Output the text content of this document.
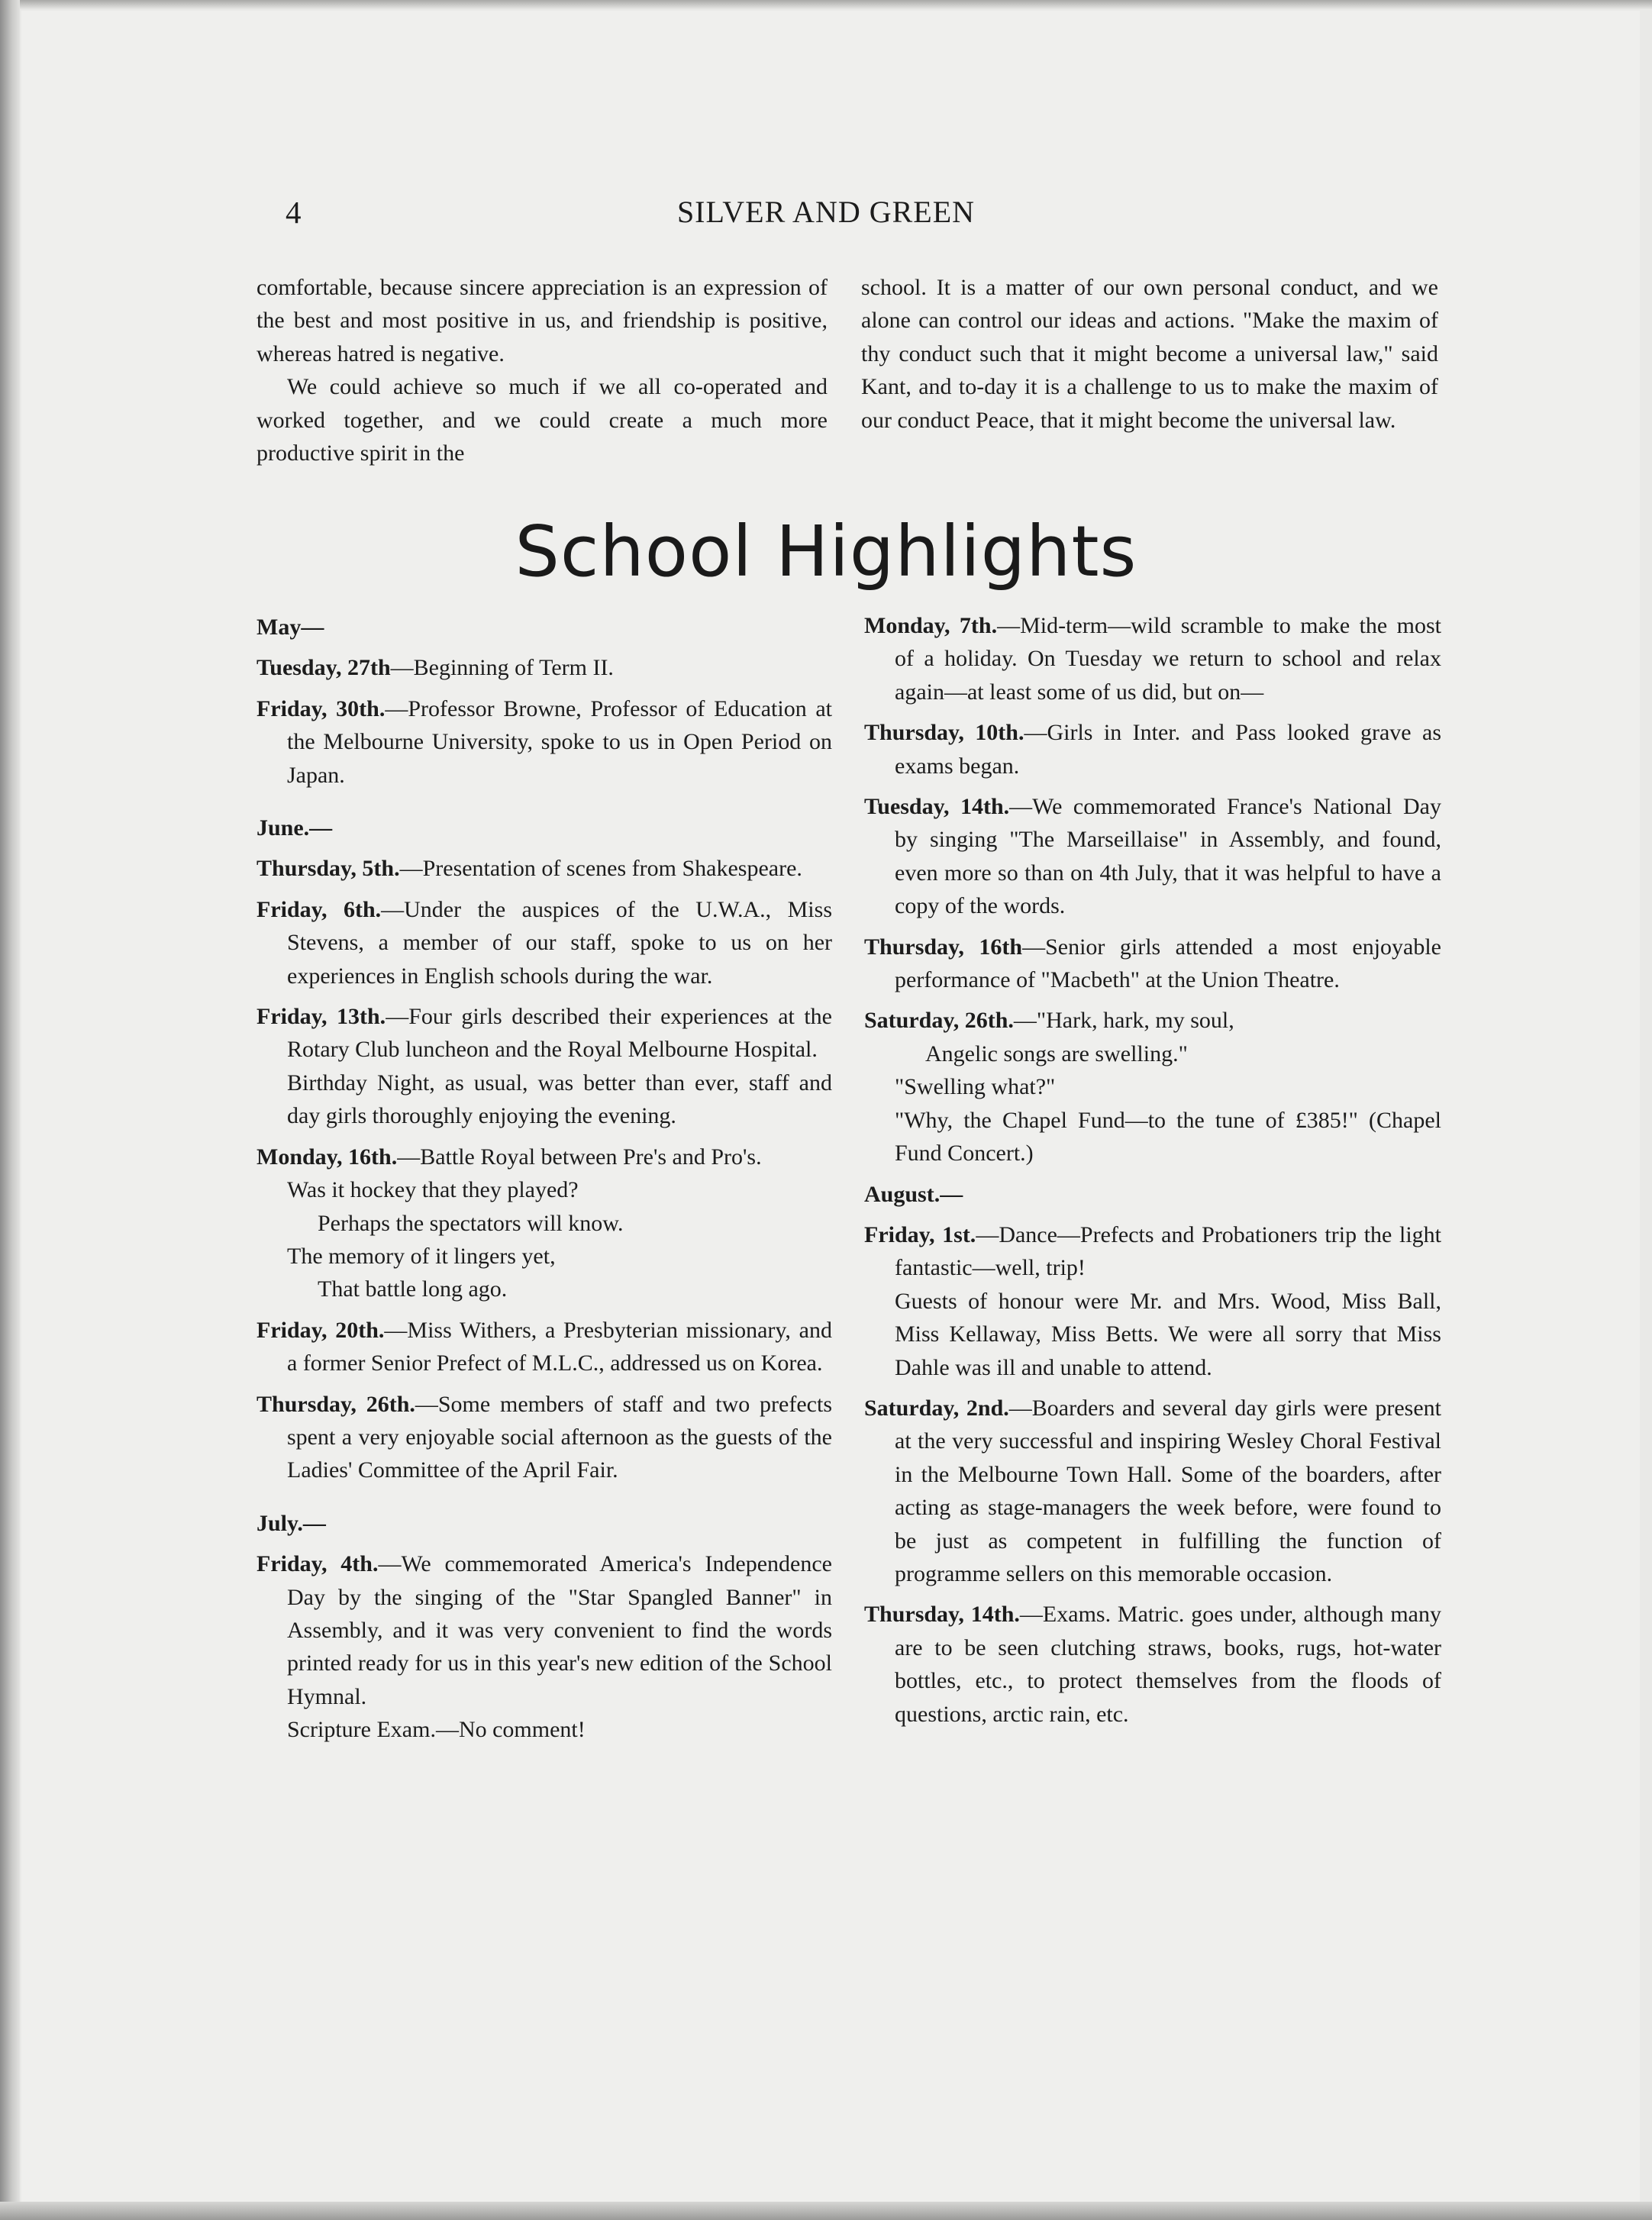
4	SILVER AND GREEN

comfortable, because sincere appreciation is an expression of the best and most positive in us, and friendship is positive, whereas hatred is negative.

We could achieve so much if we all co-operated and worked together, and we could create a much more productive spirit in the

school. It is a matter of our own personal conduct, and we alone can control our ideas and actions. "Make the maxim of thy conduct such that it might become a universal law," said Kant, and to-day it is a challenge to us to make the maxim of our conduct Peace, that it might become the universal law.

School Highlights

May—

Tuesday, 27th—Beginning of Term II.

Friday, 30th.—Professor Browne, Professor of Education at the Melbourne University, spoke to us in Open Period on Japan.

June.—

Thursday, 5th.—Presentation of scenes from Shakespeare.

Friday, 6th.—Under the auspices of the U.W.A., Miss Stevens, a member of our staff, spoke to us on her experiences in English schools during the war.

Friday, 13th.—Four girls described their experiences at the Rotary Club luncheon and the Royal Melbourne Hospital.

Birthday Night, as usual, was better than ever, staff and day girls thoroughly enjoying the evening.

Monday, 16th.—Battle Royal between Pre's and Pro's.

Was it hockey that they played?
Perhaps the spectators will know.
The memory of it lingers yet,
That battle long ago.

Friday, 20th.—Miss Withers, a Presbyterian missionary, and a former Senior Prefect of M.L.C., addressed us on Korea.

Thursday, 26th.—Some members of staff and two prefects spent a very enjoyable social afternoon as the guests of the Ladies' Committee of the April Fair.

July.—

Friday, 4th.—We commemorated America's Independence Day by the singing of the "Star Spangled Banner" in Assembly, and it was very convenient to find the words printed ready for us in this year's new edition of the School Hymnal.

Scripture Exam.—No comment!

Monday, 7th.—Mid-term—wild scramble to make the most of a holiday. On Tuesday we return to school and relax again—at least some of us did, but on—

Thursday, 10th.—Girls in Inter. and Pass looked grave as exams began.

Tuesday, 14th.—We commemorated France's National Day by singing "The Marseillaise" in Assembly, and found, even more so than on 4th July, that it was helpful to have a copy of the words.

Thursday, 16th—Senior girls attended a most enjoyable performance of "Macbeth" at the Union Theatre.

Saturday, 26th.—"Hark, hark, my soul,

Angelic songs are swelling."

"Swelling what?"

"Why, the Chapel Fund—to the tune of £385!" (Chapel Fund Concert.)

August.—

Friday, 1st.—Dance—Prefects and Probationers trip the light fantastic—well, trip!

Guests of honour were Mr. and Mrs. Wood, Miss Ball, Miss Kellaway, Miss Betts. We were all sorry that Miss Dahle was ill and unable to attend.

Saturday, 2nd.—Boarders and several day girls were present at the very successful and inspiring Wesley Choral Festival in the Melbourne Town Hall. Some of the boarders, after acting as stage-managers the week before, were found to be just as competent in fulfilling the function of programme sellers on this memorable occasion.

Thursday, 14th.—Exams. Matric. goes under, although many are to be seen clutching straws, books, rugs, hot-water bottles, etc., to protect themselves from the floods of questions, arctic rain, etc.
